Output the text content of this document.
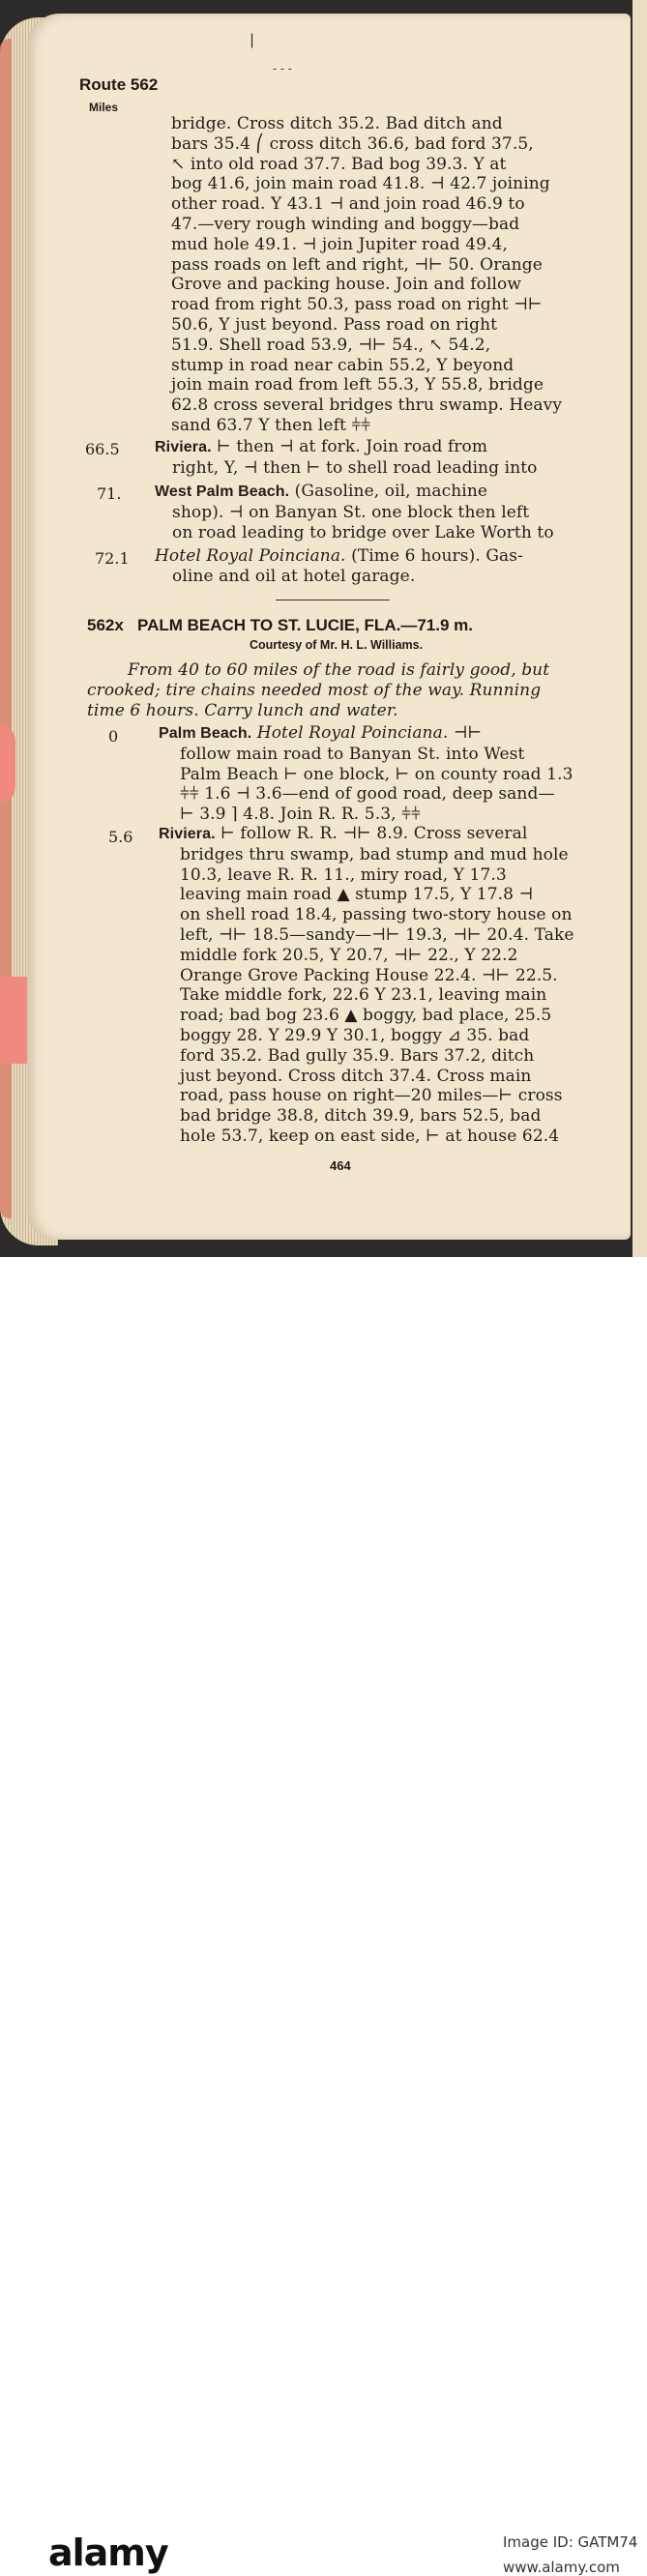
|
- - -
Route 562
Miles
bridge. Cross ditch 35.2. Bad ditch and
bars 35.4 ⎛ cross ditch 36.6, bad ford 37.5,
↖ into old road 37.7. Bad bog 39.3. Y at
bog 41.6, join main road 41.8. ⊣ 42.7 joining
other road. Y 43.1 ⊣ and join road 46.9 to
47.—very rough winding and boggy—bad
mud hole 49.1. ⊣ join Jupiter road 49.4,
pass roads on left and right, ⊣⊢ 50. Orange
Grove and packing house. Join and follow
road from right 50.3, pass road on right ⊣⊢
50.6, Y just beyond. Pass road on right
51.9. Shell road 53.9, ⊣⊢ 54., ↖ 54.2,
stump in road near cabin 55.2, Y beyond
join main road from left 55.3, Y 55.8, bridge
62.8 cross several bridges thru swamp. Heavy
sand 63.7 Y then left ⫩⫩
66.5 Riviera. ⊢ then ⊣ at fork. Join road from
right, Y, ⊣ then ⊢ to shell road leading into
71. West Palm Beach. (Gasoline, oil, machine
shop). ⊣ on Banyan St. one block then left
on road leading to bridge over Lake Worth to
72.1 Hotel Royal Poinciana. (Time 6 hours). Gas-
oline and oil at hotel garage.
562x PALM BEACH TO ST. LUCIE, FLA.—71.9 m.
Courtesy of Mr. H. L. Williams.
From 40 to 60 miles of the road is fairly good, but
crooked; tire chains needed most of the way. Running
time 6 hours. Carry lunch and water.
0	Palm Beach. Hotel Royal Poinciana. ⊣⊢
follow main road to Banyan St. into West
Palm Beach ⊢ one block, ⊢ on county road 1.3
⫩⫩ 1.6 ⊣ 3.6—end of good road, deep sand—
⊢ 3.9 ⌉ 4.8. Join R. R. 5.3, ⫩⫩
5.6 Riviera. ⊢ follow R. R. ⊣⊢ 8.9. Cross several
bridges thru swamp, bad stump and mud hole
10.3, leave R. R. 11., miry road, Y 17.3
leaving main road ▲ stump 17.5, Y 17.8 ⊣
on shell road 18.4, passing two-story house on
left, ⊣⊢ 18.5—sandy—⊣⊢ 19.3, ⊣⊢ 20.4. Take
middle fork 20.5, Y 20.7, ⊣⊢ 22., Y 22.2
Orange Grove Packing House 22.4. ⊣⊢ 22.5.
Take middle fork, 22.6 Y 23.1, leaving main
road; bad bog 23.6 ▲ boggy, bad place, 25.5
boggy 28. Y 29.9 Y 30.1, boggy ⊿ 35. bad
ford 35.2. Bad gully 35.9. Bars 37.2, ditch
just beyond. Cross ditch 37.4. Cross main
road, pass house on right—20 miles—⊢ cross
bad bridge 38.8, ditch 39.9, bars 52.5, bad
hole 53.7, keep on east side, ⊢ at house 62.4
464
alamy	Image ID: GATM74
www.alamy.com
